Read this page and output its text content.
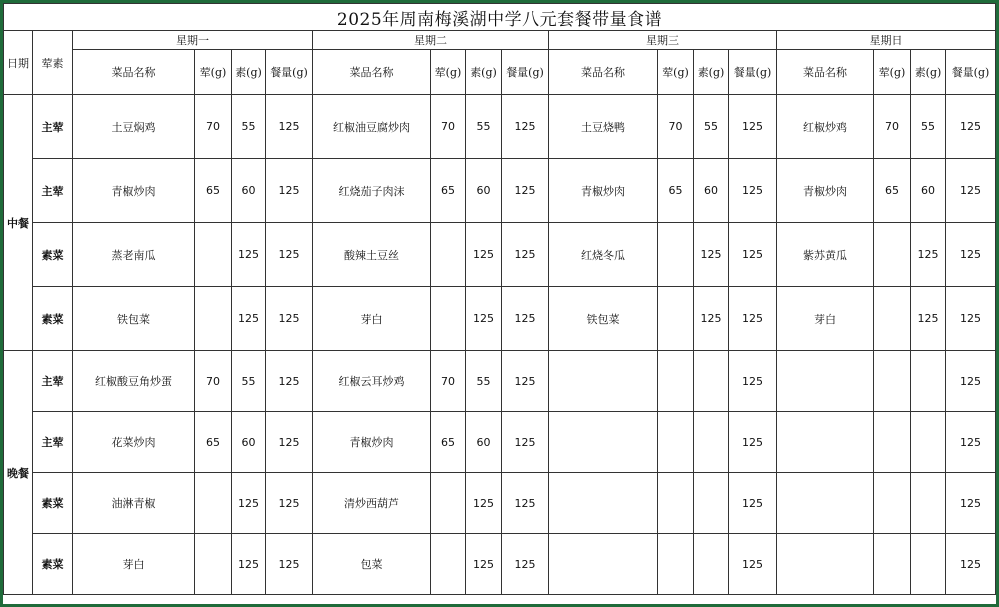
2025年周南梅溪湖中学八元套餐带量食谱																	
日期	荤素	星期一				星期二				星期三				星期日			
		菜品名称	荤(g)	素(g)	餐量(g)	菜品名称	荤(g)	素(g)	餐量(g)	菜品名称	荤(g)	素(g)	餐量(g)	菜品名称	荤(g)	素(g)	餐量(g)
中餐	主荤	土豆焖鸡	70	55	125	红椒油豆腐炒肉	70	55	125	土豆烧鸭	70	55	125	红椒炒鸡	70	55	125
	主荤	青椒炒肉	65	60	125	红烧茄子肉沫	65	60	125	青椒炒肉	65	60	125	青椒炒肉	65	60	125
	素菜	蒸老南瓜		125	125	酸辣土豆丝		125	125	红烧冬瓜		125	125	紫苏黄瓜		125	125
	素菜	铁包菜		125	125	芽白		125	125	铁包菜		125	125	芽白		125	125
晚餐	主荤	红椒酸豆角炒蛋	70	55	125	红椒云耳炒鸡	70	55	125				125				125
	主荤	花菜炒肉	65	60	125	青椒炒肉	65	60	125				125				125
	素菜	油淋青椒		125	125	清炒西葫芦		125	125				125				125
	素菜	芽白		125	125	包菜		125	125				125				125
